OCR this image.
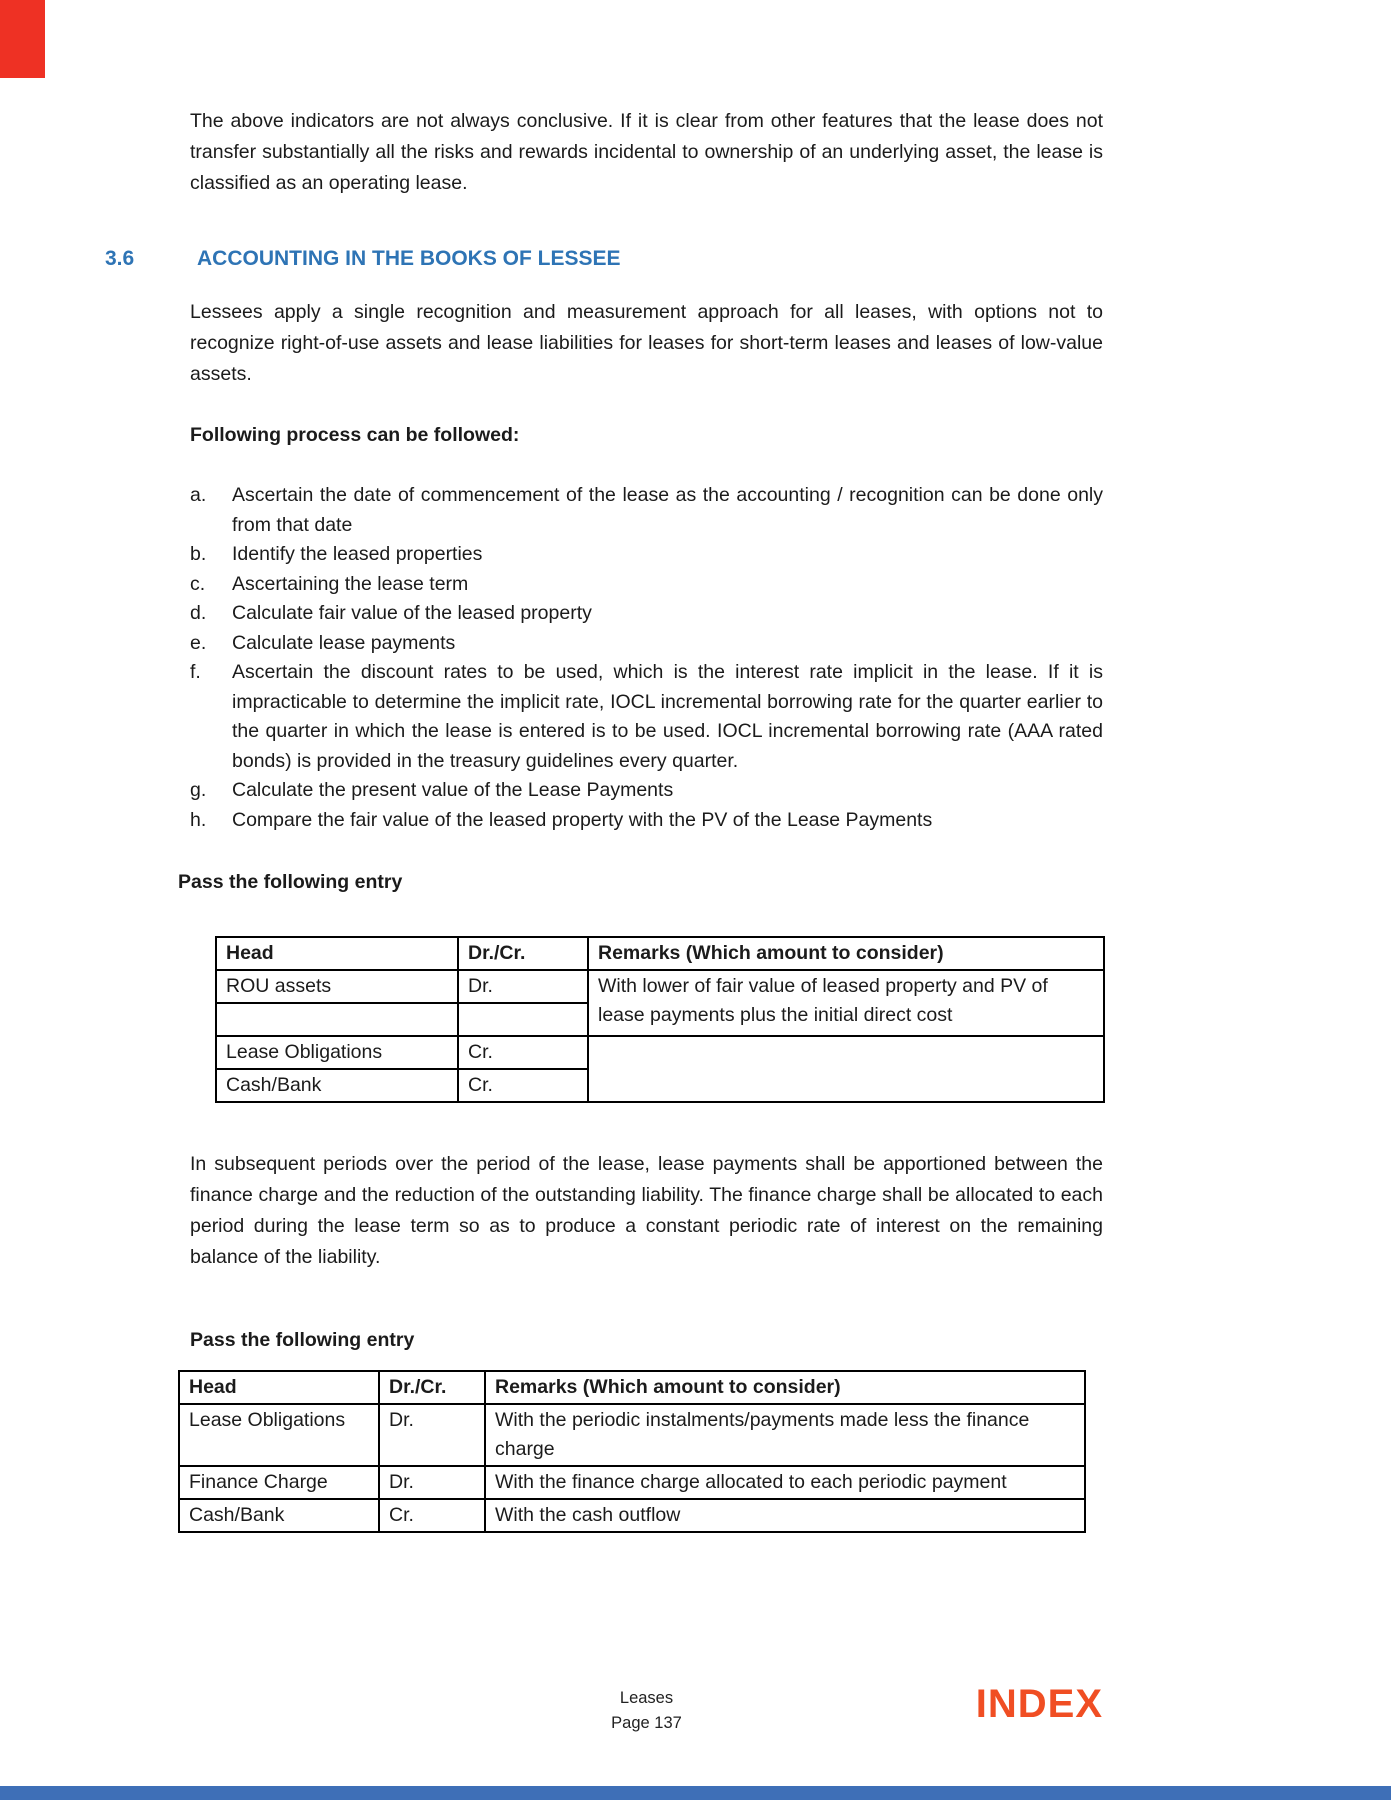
The above indicators are not always conclusive. If it is clear from other features that the lease does not transfer substantially all the risks and rewards incidental to ownership of an underlying asset, the lease is classified as an operating lease.

3.6	ACCOUNTING IN THE BOOKS OF LESSEE

Lessees apply a single recognition and measurement approach for all leases, with options not to recognize right-of-use assets and lease liabilities for leases for short-term leases and leases of low-value assets.

Following process can be followed:

a.	Ascertain the date of commencement of the lease as the accounting / recognition can be done only from that date
b.	Identify the leased properties
c.	Ascertaining the lease term
d.	Calculate fair value of the leased property
e.	Calculate lease payments
f.	Ascertain the discount rates to be used, which is the interest rate implicit in the lease. If it is impracticable to determine the implicit rate, IOCL incremental borrowing rate for the quarter earlier to the quarter in which the lease is entered is to be used. IOCL incremental borrowing rate (AAA rated bonds) is provided in the treasury guidelines every quarter.
g.	Calculate the present value of the Lease Payments
h.	Compare the fair value of the leased property with the PV of the Lease Payments

Pass the following entry

Head	Dr./Cr.	Remarks (Which amount to consider)
ROU assets	Dr.	With lower of fair value of leased property and PV of lease payments plus the initial direct cost

Lease Obligations	Cr.	
Cash/Bank	Cr.	

In subsequent periods over the period of the lease, lease payments shall be apportioned between the finance charge and the reduction of the outstanding liability. The finance charge shall be allocated to each period during the lease term so as to produce a constant periodic rate of interest on the remaining balance of the liability.

Pass the following entry

Head	Dr./Cr.	Remarks (Which amount to consider)
Lease Obligations	Dr.	With the periodic instalments/payments made less the finance charge
Finance Charge	Dr.	With the finance charge allocated to each periodic payment
Cash/Bank	Cr.	With the cash outflow
Leases
Page 137	INDEX
